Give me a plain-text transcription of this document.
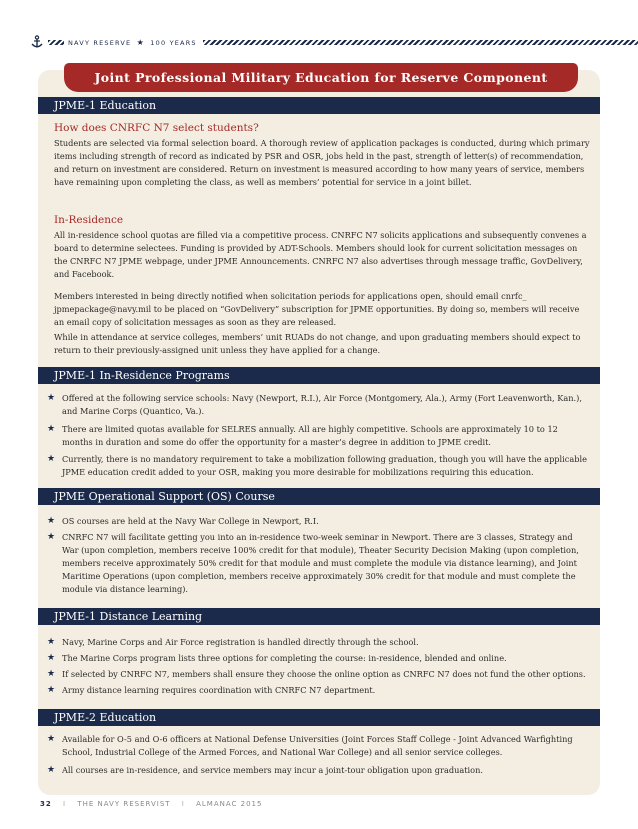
NAVY RESERVE ★ 100 YEARS
Joint Professional Military Education for Reserve Component
JPME-1 Education
How does CNRFC N7 select students?
Students are selected via formal selection board. A thorough review of application packages is conducted, during which primary items including strength of record as indicated by PSR and OSR, jobs held in the past, strength of letter(s) of recommendation, and return on investment are considered. Return on investment is measured according to how many years of service, members have remaining upon completing the class, as well as members’ potential for service in a joint billet.
In-Residence
All in-residence school quotas are filled via a competitive process. CNRFC N7 solicits applications and subsequently convenes a board to determine selectees. Funding is provided by ADT-Schools. Members should look for current solicitation messages on the CNRFC N7 JPME webpage, under JPME Announcements. CNRFC N7 also advertises through message traffic, GovDelivery, and Facebook.
Members interested in being directly notified when solicitation periods for applications open, should email cnrfc_ jpmepackage@navy.mil to be placed on “GovDelivery” subscription for JPME opportunities. By doing so, members will receive an email copy of solicitation messages as soon as they are released.
While in attendance at service colleges, members’ unit RUADs do not change, and upon graduating members should expect to return to their previously-assigned unit unless they have applied for a change.
JPME-1 In-Residence Programs
★ Offered at the following service schools: Navy (Newport, R.I.), Air Force (Montgomery, Ala.), Army (Fort Leavenworth, Kan.), and Marine Corps (Quantico, Va.).
★ There are limited quotas available for SELRES annually. All are highly competitive. Schools are approximately 10 to 12 months in duration and some do offer the opportunity for a master’s degree in addition to JPME credit.
★ Currently, there is no mandatory requirement to take a mobilization following graduation, though you will have the applicable JPME education credit added to your OSR, making you more desirable for mobilizations requiring this education.
JPME Operational Support (OS) Course
★ OS courses are held at the Navy War College in Newport, R.I.
★ CNRFC N7 will facilitate getting you into an in-residence two-week seminar in Newport. There are 3 classes, Strategy and War (upon completion, members receive 100% credit for that module), Theater Security Decision Making (upon completion, members receive approximately 50% credit for that module and must complete the module via distance learning), and Joint Maritime Operations (upon completion, members receive approximately 30% credit for that module and must complete the module via distance learning).
JPME-1 Distance Learning
★ Navy, Marine Corps and Air Force registration is handled directly through the school.
★ The Marine Corps program lists three options for completing the course: in-residence, blended and online.
★ If selected by CNRFC N7, members shall ensure they choose the online option as CNRFC N7 does not fund the other options.
★ Army distance learning requires coordination with CNRFC N7 department.
JPME-2 Education
★ Available for O-5 and O-6 officers at National Defense Universities (Joint Forces Staff College - Joint Advanced Warfighting School, Industrial College of the Armed Forces, and National War College) and all senior service colleges.
★ All courses are in-residence, and service members may incur a joint-tour obligation upon graduation.
32 I THE NAVY RESERVIST I ALMANAC 2015
